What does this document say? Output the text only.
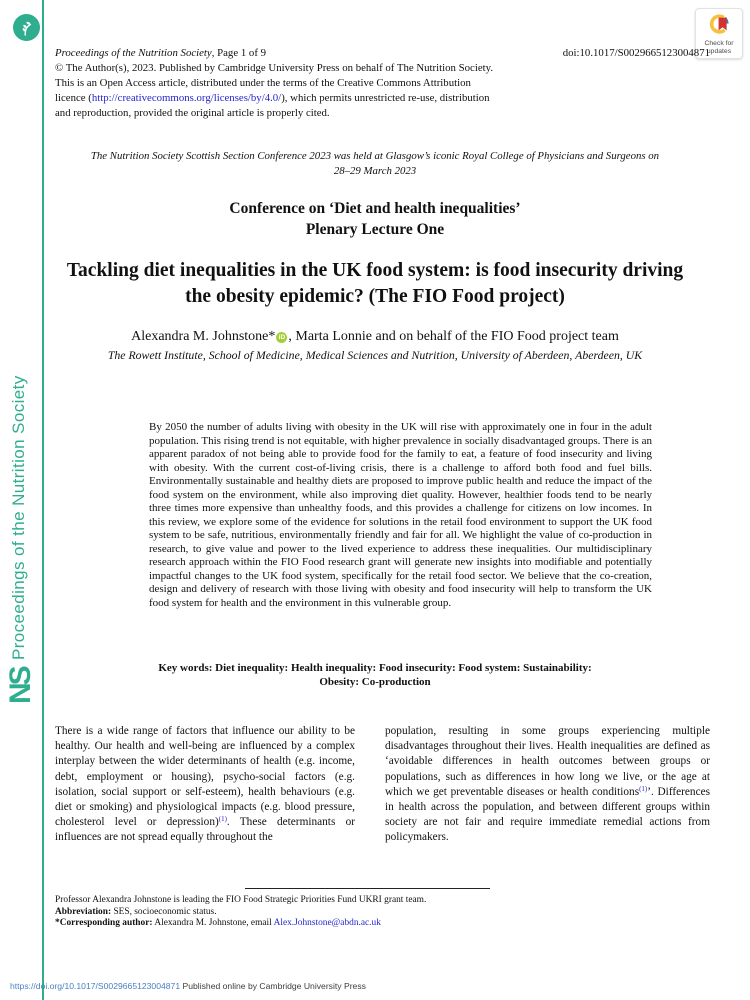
Proceedings of the Nutrition Society
NS
Check for
updates
Proceedings of the Nutrition Society, Page 1 of 9	doi:10.1017/S0029665123004871
© The Author(s), 2023. Published by Cambridge University Press on behalf of The Nutrition Society.
This is an Open Access article, distributed under the terms of the Creative Commons Attribution
licence (http://creativecommons.org/licenses/by/4.0/), which permits unrestricted re-use, distribution
and reproduction, provided the original article is properly cited.
The Nutrition Society Scottish Section Conference 2023 was held at Glasgow’s iconic Royal College of Physicians and Surgeons on
28–29 March 2023
Conference on ‘Diet and health inequalities’
Plenary Lecture One
Tackling diet inequalities in the UK food system: is food insecurity driving the obesity epidemic? (The FIO Food project)
Alexandra M. Johnstone* iD , Marta Lonnie and on behalf of the FIO Food project team
The Rowett Institute, School of Medicine, Medical Sciences and Nutrition, University of Aberdeen, Aberdeen, UK
By 2050 the number of adults living with obesity in the UK will rise with approximately one in four in the adult population. This rising trend is not equitable, with higher prevalence in socially disadvantaged groups. There is an apparent paradox of not being able to provide food for the family to eat, a feature of food insecurity and living with obesity. With the current cost-of-living crisis, there is a challenge to afford both food and fuel bills. Environmentally sustainable and healthy diets are proposed to improve public health and reduce the impact of the food system on the environment, while also improving diet quality. However, healthier foods tend to be nearly three times more expensive than unhealthy foods, and this provides a challenge for citizens on low incomes. In this review, we explore some of the evidence for solutions in the retail food environment to support the UK food system to be safe, nutritious, environmentally friendly and fair for all. We highlight the value of co-production in research, to give value and power to the lived experience to address these inequalities. Our multidisciplinary research approach within the FIO Food research grant will generate new insights into modifiable and potentially impactful changes to the UK food system, specifically for the retail food sector. We believe that the co-creation, design and delivery of research with those living with obesity and food insecurity will help to transform the UK food system for health and the environment in this vulnerable group.
Key words: Diet inequality: Health inequality: Food insecurity: Food system: Sustainability:
Obesity: Co-production
There is a wide range of factors that influence our ability to be healthy. Our health and well-being are influenced by a complex interplay between the wider determinants of health (e.g. income, debt, employment or housing), psycho-social factors (e.g. isolation, social support or self-esteem), health behaviours (e.g. diet or smoking) and physiological impacts (e.g. blood pressure, cholesterol level or depression)$^{(1)}$. These determinants or influences are not spread equally throughout the
population, resulting in some groups experiencing multiple disadvantages throughout their lives. Health inequalities are defined as ‘avoidable differences in health outcomes between groups or populations, such as differences in how long we live, or the age at which we get preventable diseases or health conditions$^{(1)}$’. Differences in health across the population, and between different groups within society are not fair and require immediate remedial actions from policymakers.
Professor Alexandra Johnstone is leading the FIO Food Strategic Priorities Fund UKRI grant team.
Abbreviation: SES, socioeconomic status.
*Corresponding author: Alexandra M. Johnstone, email Alex.Johnstone@abdn.ac.uk
https://doi.org/10.1017/S0029665123004871 Published online by Cambridge University Press
